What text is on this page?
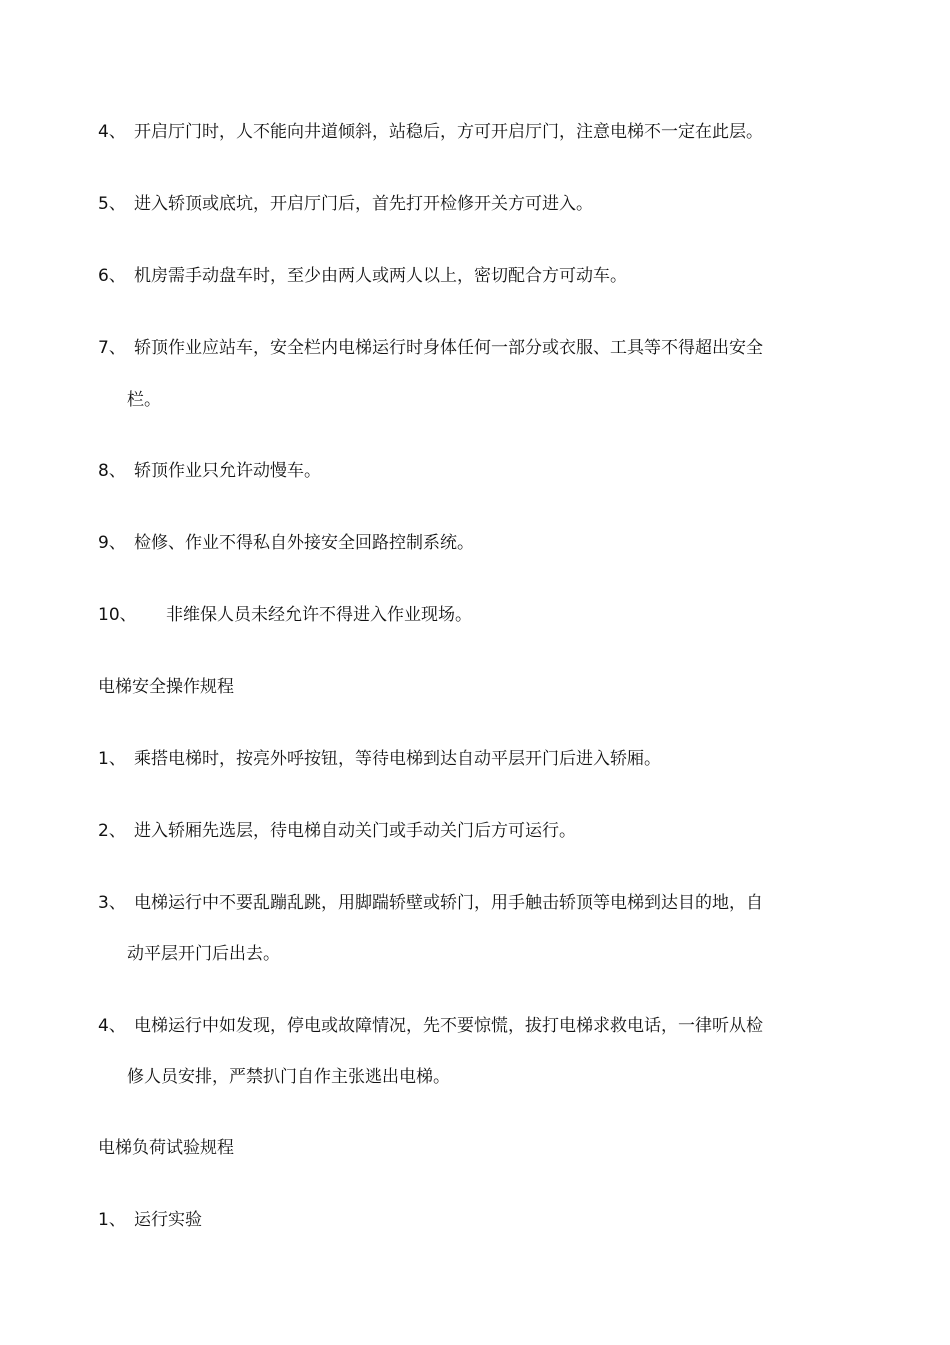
4、 开启厅门时，人不能向井道倾斜，站稳后，方可开启厅门，注意电梯不一定在此层。
5、 进入轿顶或底坑，开启厅门后，首先打开检修开关方可进入。
6、 机房需手动盘车时，至少由两人或两人以上，密切配合方可动车。
7、 轿顶作业应站车，安全栏内电梯运行时身体任何一部分或衣服、工具等不得超出安全
栏。
8、 轿顶作业只允许动慢车。
9、 检修、作业不得私自外接安全回路控制系统。
10、 非维保人员未经允许不得进入作业现场。
电梯安全操作规程
1、 乘搭电梯时，按亮外呼按钮，等待电梯到达自动平层开门后进入轿厢。
2、 进入轿厢先选层，待电梯自动关门或手动关门后方可运行。
3、 电梯运行中不要乱蹦乱跳，用脚踹轿壁或轿门，用手触击轿顶等电梯到达目的地，自
动平层开门后出去。
4、 电梯运行中如发现，停电或故障情况，先不要惊慌，拔打电梯求救电话，一律听从检
修人员安排，严禁扒门自作主张逃出电梯。
电梯负荷试验规程
1、 运行实验
